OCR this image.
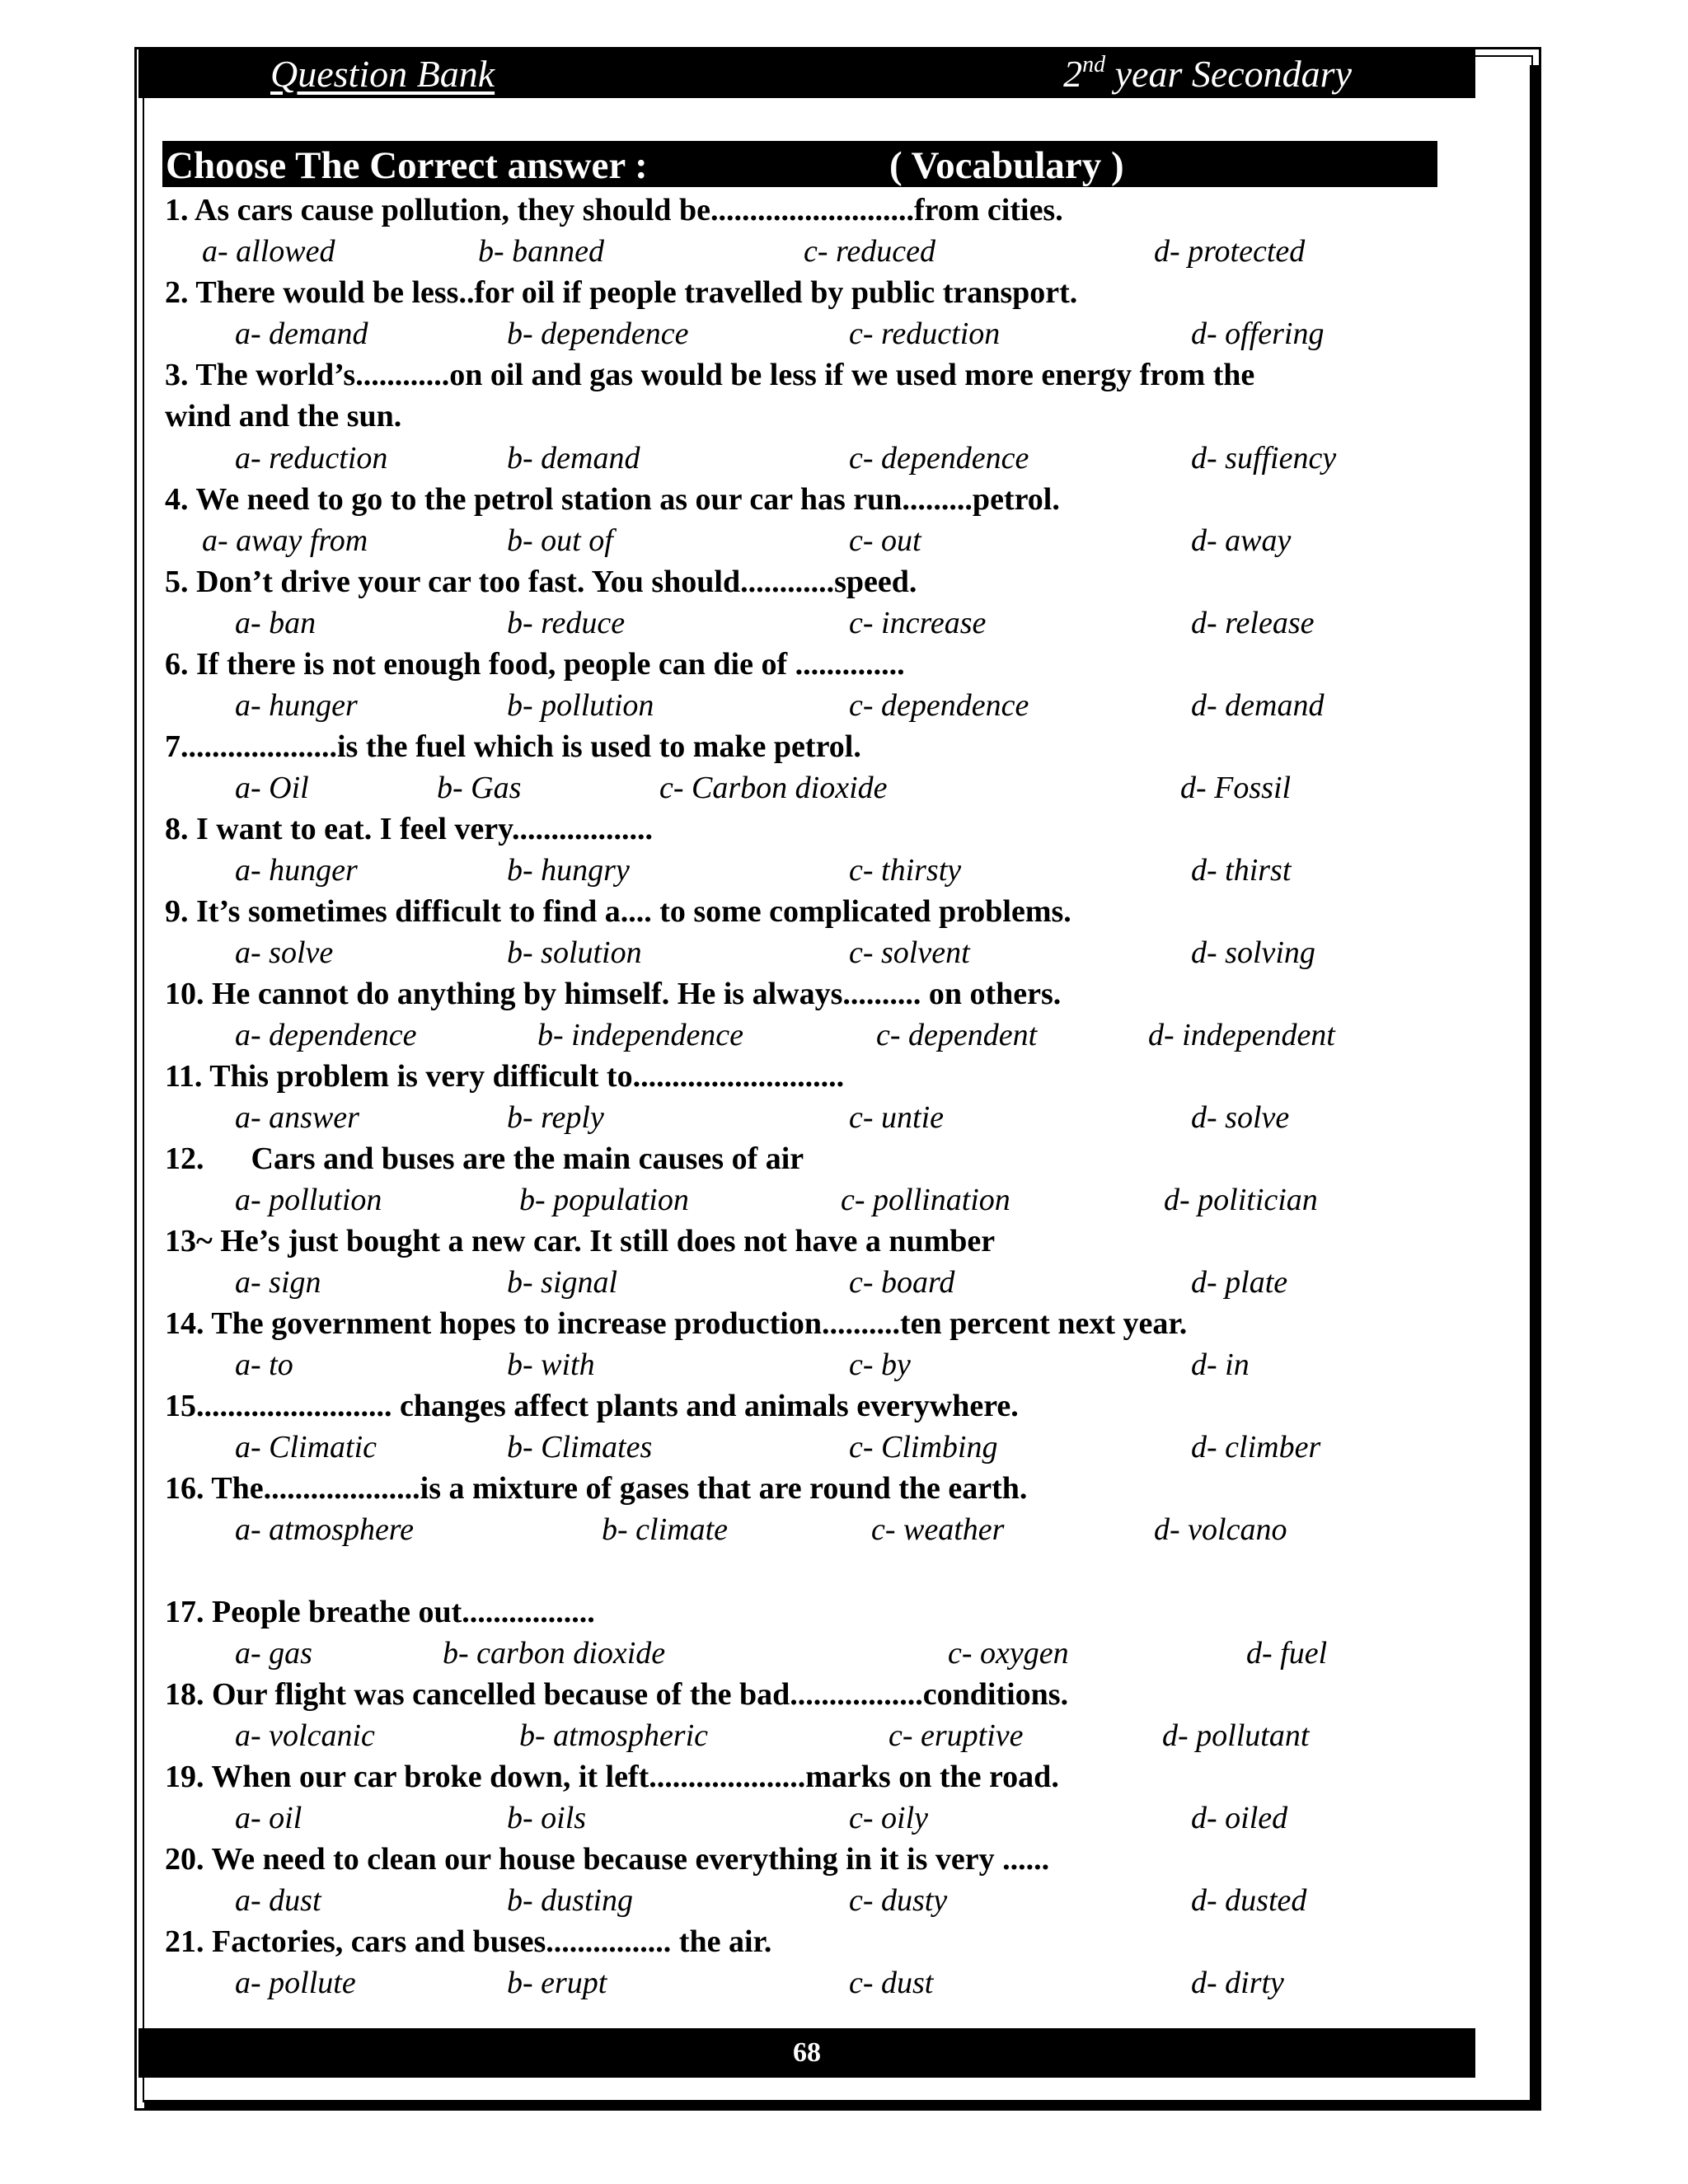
Question Bank	2nd year Secondary
Choose The Correct answer :	( Vocabulary )
1. As cars cause pollution, they should be..........................from cities.
a- allowed	b- banned	c- reduced	d- protected
2. There would be less..for oil if people travelled by public transport.
a- demand	b- dependence	c- reduction	d- offering
3. The world’s............on oil and gas would be less if we used more energy from the
wind and the sun.
a- reduction	b- demand	c- dependence	d- suffiency
4. We need to go to the petrol station as our car has run.........petrol.
a- away from	b- out of	c- out	d- away
5. Don’t drive your car too fast. You should............speed.
a- ban	b- reduce	c- increase	d- release
6. If there is not enough food, people can die of ..............
a- hunger	b- pollution	c- dependence	d- demand
7....................is the fuel which is used to make petrol.
a- Oil	b- Gas	c- Carbon dioxide	d- Fossil
8. I want to eat. I feel very..................
a- hunger	b- hungry	c- thirsty	d- thirst
9. It’s sometimes difficult to find a.... to some complicated problems.
a- solve	b- solution	c- solvent	d- solving
10. He cannot do anything by himself. He is always.......... on others.
a- dependence	b- independence	c- dependent	d- independent
11. This problem is very difficult to...........................
a- answer	b- reply	c- untie	d- solve
12.      Cars and buses are the main causes of air
a- pollution	b- population	c- pollination	d- politician
13~ He’s just bought a new car. It still does not have a number
a- sign	b- signal	c- board	d- plate
14. The government hopes to increase production..........ten percent next year.
a- to	b- with	c- by	d- in
15......................... changes affect plants and animals everywhere.
a- Climatic	b- Climates	c- Climbing	d- climber
16. The....................is a mixture of gases that are round the earth.
a- atmosphere	b- climate	c- weather	d- volcano
17. People breathe out.................
a- gas	b- carbon dioxide	c- oxygen	d- fuel
18. Our flight was cancelled because of the bad.................conditions.
a- volcanic	b- atmospheric	c- eruptive	d- pollutant
19. When our car broke down, it left....................marks on the road.
a- oil	b- oils	c- oily	d- oiled
20. We need to clean our house because everything in it is very ......
a- dust	b- dusting	c- dusty	d- dusted
21. Factories, cars and buses................ the air.
a- pollute	b- erupt	c- dust	d- dirty
68
